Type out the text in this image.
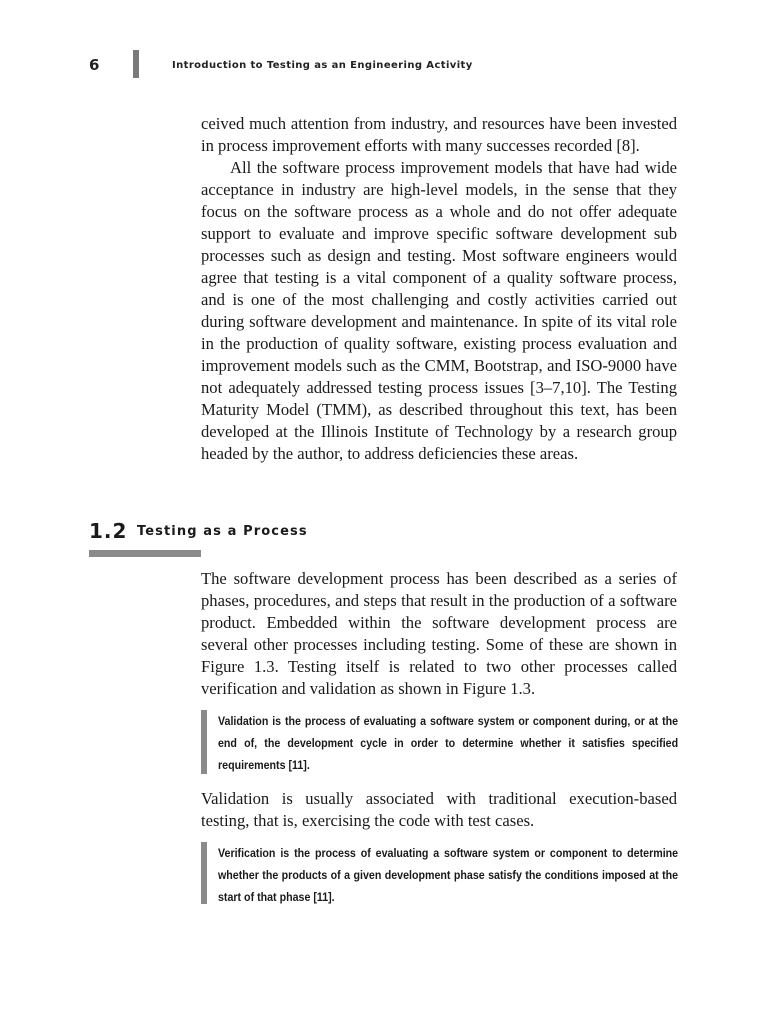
6	Introduction to Testing as an Engineering Activity

ceived much attention from industry, and resources have been invested in process improvement efforts with many successes recorded [8].

All the software process improvement models that have had wide acceptance in industry are high-level models, in the sense that they focus on the software process as a whole and do not offer adequate support to evaluate and improve specific software development sub processes such as design and testing. Most software engineers would agree that testing is a vital component of a quality software process, and is one of the most challenging and costly activities carried out during software development and maintenance. In spite of its vital role in the production of quality software, existing process evaluation and improvement models such as the CMM, Bootstrap, and ISO-9000 have not adequately addressed testing process issues [3–7,10]. The Testing Maturity Model (TMM), as described throughout this text, has been developed at the Illinois Institute of Technology by a research group headed by the author, to address deficiencies these areas.

1.2 Testing as a Process

The software development process has been described as a series of phases, procedures, and steps that result in the production of a software product. Embedded within the software development process are several other processes including testing. Some of these are shown in Figure 1.3. Testing itself is related to two other processes called verification and validation as shown in Figure 1.3.

Validation is the process of evaluating a software system or component during, or at the end of, the development cycle in order to determine whether it satisfies specified requirements [11].

Validation is usually associated with traditional execution-based testing, that is, exercising the code with test cases.

Verification is the process of evaluating a software system or component to determine whether the products of a given development phase satisfy the conditions imposed at the start of that phase [11].
